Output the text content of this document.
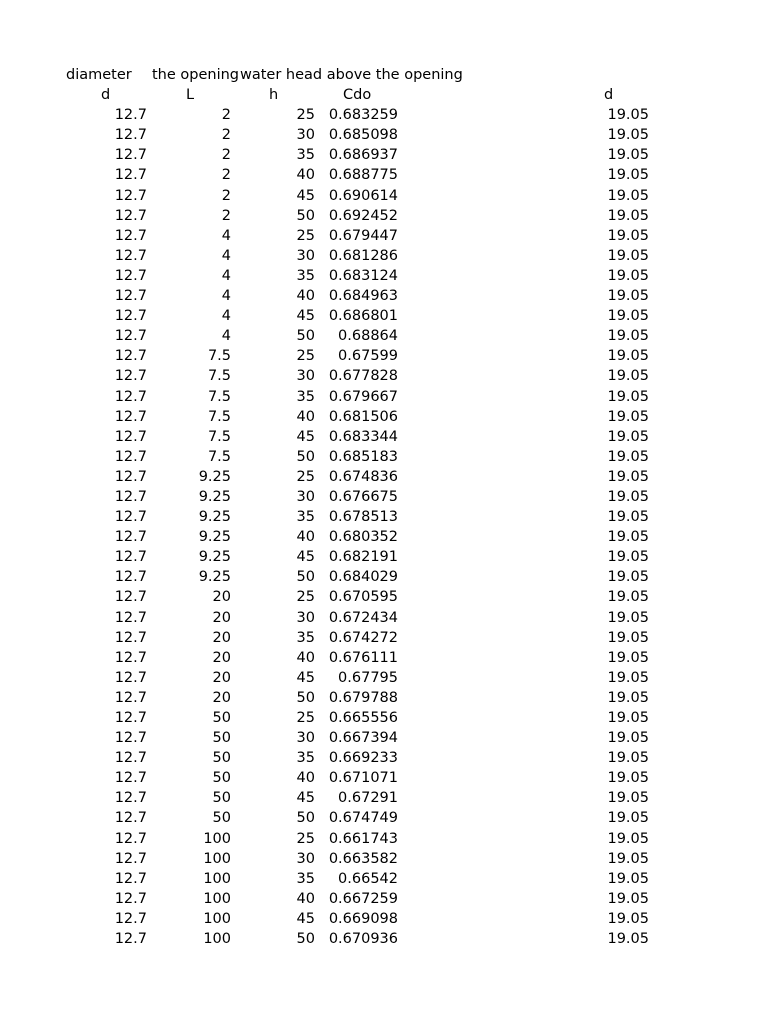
diameter the opening water head above the opening
d	L	h	Cdo	d
12.7	2	25 0.683259	19.05
12.7	2	30 0.685098	19.05
12.7	2	35 0.686937	19.05
12.7	2	40 0.688775	19.05
12.7	2	45 0.690614	19.05
12.7	2	50 0.692452	19.05
12.7	4	25 0.679447	19.05
12.7	4	30 0.681286	19.05
12.7	4	35 0.683124	19.05
12.7	4	40 0.684963	19.05
12.7	4	45 0.686801	19.05
12.7	4	50 0.68864	19.05
12.7	7.5	25 0.67599	19.05
12.7	7.5	30 0.677828	19.05
12.7	7.5	35 0.679667	19.05
12.7	7.5	40 0.681506	19.05
12.7	7.5	45 0.683344	19.05
12.7	7.5	50 0.685183	19.05
12.7	9.25	25 0.674836	19.05
12.7	9.25	30 0.676675	19.05
12.7	9.25	35 0.678513	19.05
12.7	9.25	40 0.680352	19.05
12.7	9.25	45 0.682191	19.05
12.7	9.25	50 0.684029	19.05
12.7	20	25 0.670595	19.05
12.7	20	30 0.672434	19.05
12.7	20	35 0.674272	19.05
12.7	20	40 0.676111	19.05
12.7	20	45 0.67795	19.05
12.7	20	50 0.679788	19.05
12.7	50	25 0.665556	19.05
12.7	50	30 0.667394	19.05
12.7	50	35 0.669233	19.05
12.7	50	40 0.671071	19.05
12.7	50	45 0.67291	19.05
12.7	50	50 0.674749	19.05
12.7	100	25 0.661743	19.05
12.7	100	30 0.663582	19.05
12.7	100	35 0.66542	19.05
12.7	100	40 0.667259	19.05
12.7	100	45 0.669098	19.05
12.7	100	50 0.670936	19.05
